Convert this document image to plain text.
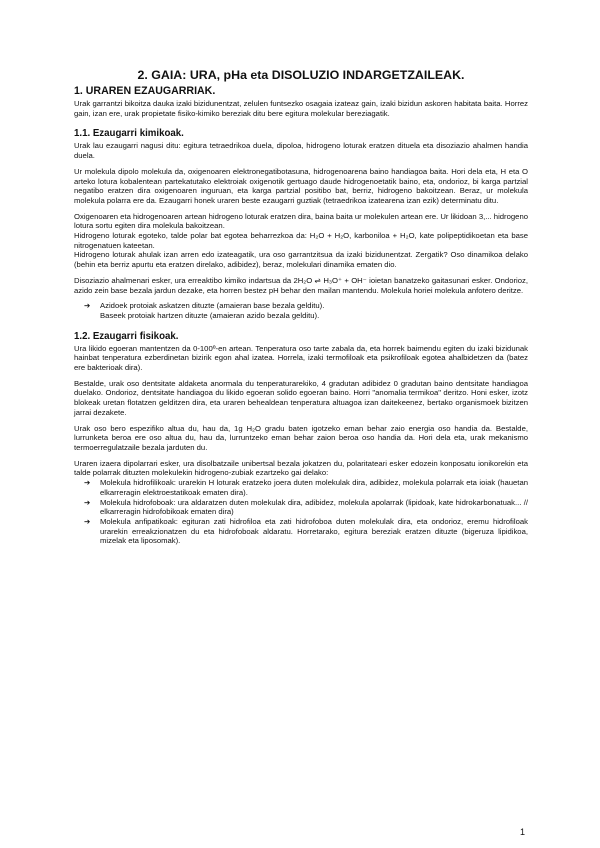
2. GAIA: URA, pHa eta DISOLUZIO INDARGETZAILEAK.
1. URAREN EZAUGARRIAK.

Urak garrantzi bikoitza dauka izaki bizidunentzat, zelulen funtsezko osagaia izateaz gain, izaki bizidun askoren habitata baita. Horrez gain, izan ere, urak propietate fisiko-kimiko bereziak ditu bere egitura molekular bereziagatik.

1.1. Ezaugarri kimikoak.

Urak lau ezaugarri nagusi ditu: egitura tetraedrikoa duela, dipoloa, hidrogeno loturak eratzen dituela eta disoziazio ahalmen handia duela.

Ur molekula dipolo molekula da, oxigenoaren elektronegatibotasuna, hidrogenoarena baino handiagoa baita. Hori dela eta, H eta O arteko lotura kobalentean partekatutako elektroiak oxigenotik gertuago daude hidrogenoetatik baino, eta, ondorioz, bi karga partzial negatibo eratzen dira oxigenoaren inguruan, eta karga partzial positibo bat, berriz, hidrogeno bakoitzean. Beraz, ur molekula molekula polarra ere da. Ezaugarri honek uraren beste ezaugarri guztiak (tetraedrikoa izatearena izan ezik) determinatu ditu.

Oxigenoaren eta hidrogenoaren artean hidrogeno loturak eratzen dira, baina baita ur molekulen artean ere. Ur likidoan 3,... hidrogeno lotura sortu egiten dira molekula bakoitzean.

Hidrogeno loturak egoteko, talde polar bat egotea beharrezkoa da: H₂O + H₂O, karboniloa + H₂O, kate polipeptidikoetan eta base nitrogenatuen kateetan.

Hidrogeno loturak ahulak izan arren edo izateagatik, ura oso garrantzitsua da izaki bizidunentzat. Zergatik? Oso dinamikoa delako (behin eta berriz apurtu eta eratzen direlako, adibidez), beraz, molekulari dinamika ematen dio.

Disoziazio ahalmenari esker, ura erreaktibo kimiko indartsua da 2H₂O ⇌ H₃O⁺ + OH⁻ ioietan banatzeko gaitasunari esker. Ondorioz, azido zein base bezala jardun dezake, eta horren bestez pH behar den mailan mantendu. Molekula horiei molekula anfotero deritze.

➔ Azidoek protoiak askatzen dituzte (amaieran base bezala gelditu).
Baseek protoiak hartzen dituzte (amaieran azido bezala gelditu).
1.2. Ezaugarri fisikoak.

Ura likido egoeran mantentzen da 0-100º-en artean. Tenperatura oso tarte zabala da, eta horrek baimendu egiten du izaki bizidunak hainbat tenperatura ezberdinetan bizirik egon ahal izatea. Horrela, izaki termofiloak eta psikrofiloak egotea ahalbidetzen da (batez ere bakterioak dira).

Bestalde, urak oso dentsitate aldaketa anormala du tenperaturarekiko, 4 gradutan adibidez 0 gradutan baino dentsitate handiagoa duelako. Ondorioz, dentsitate handiagoa du likido egoeran solido egoeran baino. Horri "anomalia termikoa" deritzo. Honi esker, izotz blokeak uretan flotatzen gelditzen dira, eta uraren behealdean tenperatura altuagoa izan daitekeenez, bertako organismoek bizitzen jarrai dezakete.

Urak oso bero espezifiko altua du, hau da, 1g H₂O gradu baten igotzeko eman behar zaio energia oso handia da. Bestalde, lurrunketa beroa ere oso altua du, hau da, lurruntzeko eman behar zaion beroa oso handia da. Hori dela eta, urak mekanismo termoerregulatzaile bezala jarduten du.

Uraren izaera dipolarrari esker, ura disolbatzaile unibertsal bezala jokatzen du, polaritateari esker edozein konposatu ionikorekin eta talde polarrak dituzten molekulekin hidrogeno-zubiak ezartzeko gai delako:

➔ Molekula hidrofilikoak: urarekin H loturak eratzeko joera duten molekulak dira, adibidez, molekula polarrak eta ioiak (hauetan elkarreragin elektroestatikoak ematen dira).
➔ Molekula hidrofoboak: ura aldaratzen duten molekulak dira, adibidez, molekula apolarrak (lipidoak, kate hidrokarbonatuak... // elkarreragin hidrofobikoak ematen dira)
➔ Molekula anfipatikoak: egituran zati hidrofiloa eta zati hidrofoboa duten molekulak dira, eta ondorioz, eremu hidrofiloak urarekin erreakzionatzen du eta hidrofoboak aldaratu. Horretarako, egitura bereziak eratzen dituzte (bigeruza lipidikoa, mizelak eta liposomak).
1
